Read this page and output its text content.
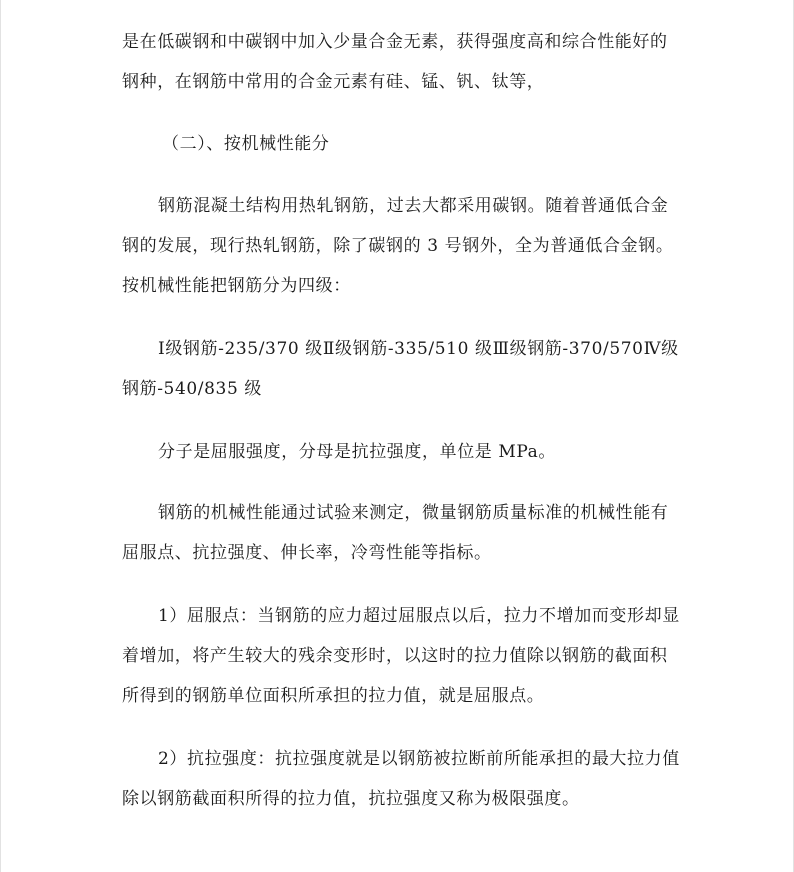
是在低碳钢和中碳钢中加入少量合金无素，获得强度高和综合性能好的钢种，在钢筋中常用的合金元素有硅、锰、钒、钛等，

（二）、按机械性能分

钢筋混凝土结构用热轧钢筋，过去大都采用碳钢。随着普通低合金钢的发展，现行热轧钢筋，除了碳钢的 3 号钢外，全为普通低合金钢。按机械性能把钢筋分为四级：

Ⅰ级钢筋-235/370 级Ⅱ级钢筋-335/510 级Ⅲ级钢筋-370/570Ⅳ级钢筋-540/835 级

分子是屈服强度，分母是抗拉强度，单位是 MPa。

钢筋的机械性能通过试验来测定，微量钢筋质量标准的机械性能有屈服点、抗拉强度、伸长率，冷弯性能等指标。

1）屈服点：当钢筋的应力超过屈服点以后，拉力不增加而变形却显着增加，将产生较大的残余变形时，以这时的拉力值除以钢筋的截面积所得到的钢筋单位面积所承担的拉力值，就是屈服点。

2）抗拉强度：抗拉强度就是以钢筋被拉断前所能承担的最大拉力值除以钢筋截面积所得的拉力值，抗拉强度又称为极限强度。
